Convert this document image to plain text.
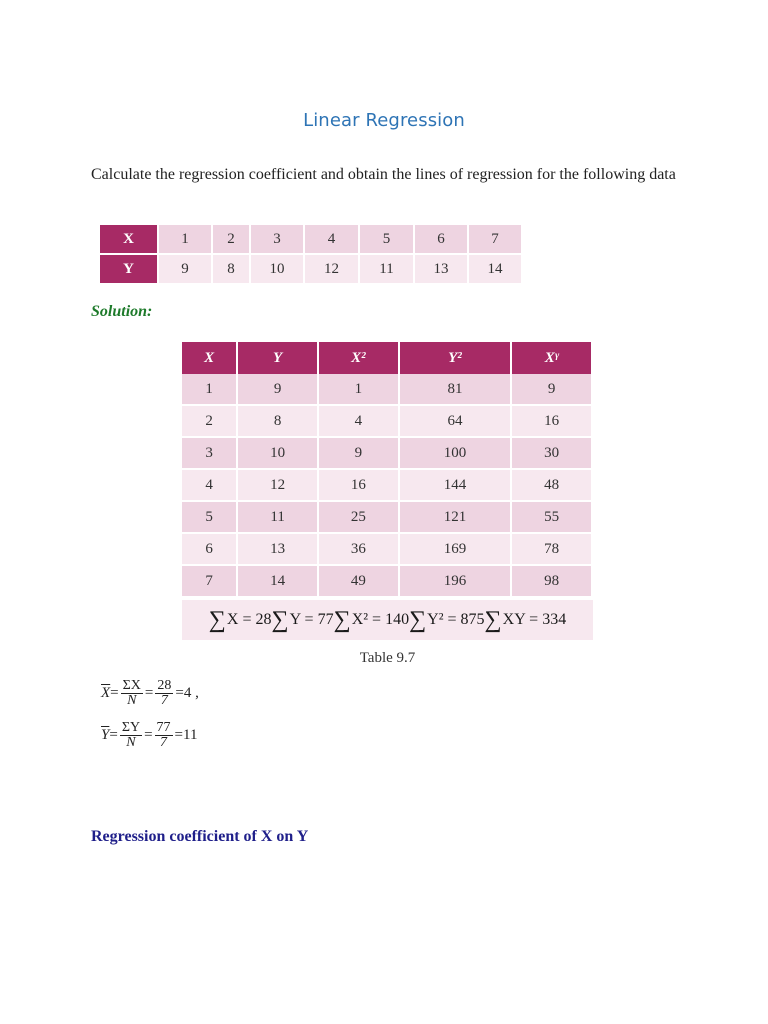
Linear Regression
Calculate the regression coefficient and obtain the lines of regression for the following data
X	1	2	3	4	5	6	7
Y	9	8	10	12	11	13	14
Solution:
X	Y	X²	Y²	Xᵞ
1	9	1	81	9
2	8	4	64	16
3	10	9	100	30
4	12	16	144	48
5	11	25	121	55
6	13	36	169	78
7	14	49	196	98
∑ X = 28 ∑ Y = 77 ∑ X² = 140 ∑ Y² = 875 ∑ XY = 334
Table 9.7
$\overline{X} = \frac{\Sigma X}{N} = \frac{28}{7} =4$ ,
$\overline{Y} = \frac{\Sigma Y}{N} = \frac{77}{7} =11$
Regression coefficient of X on Y
